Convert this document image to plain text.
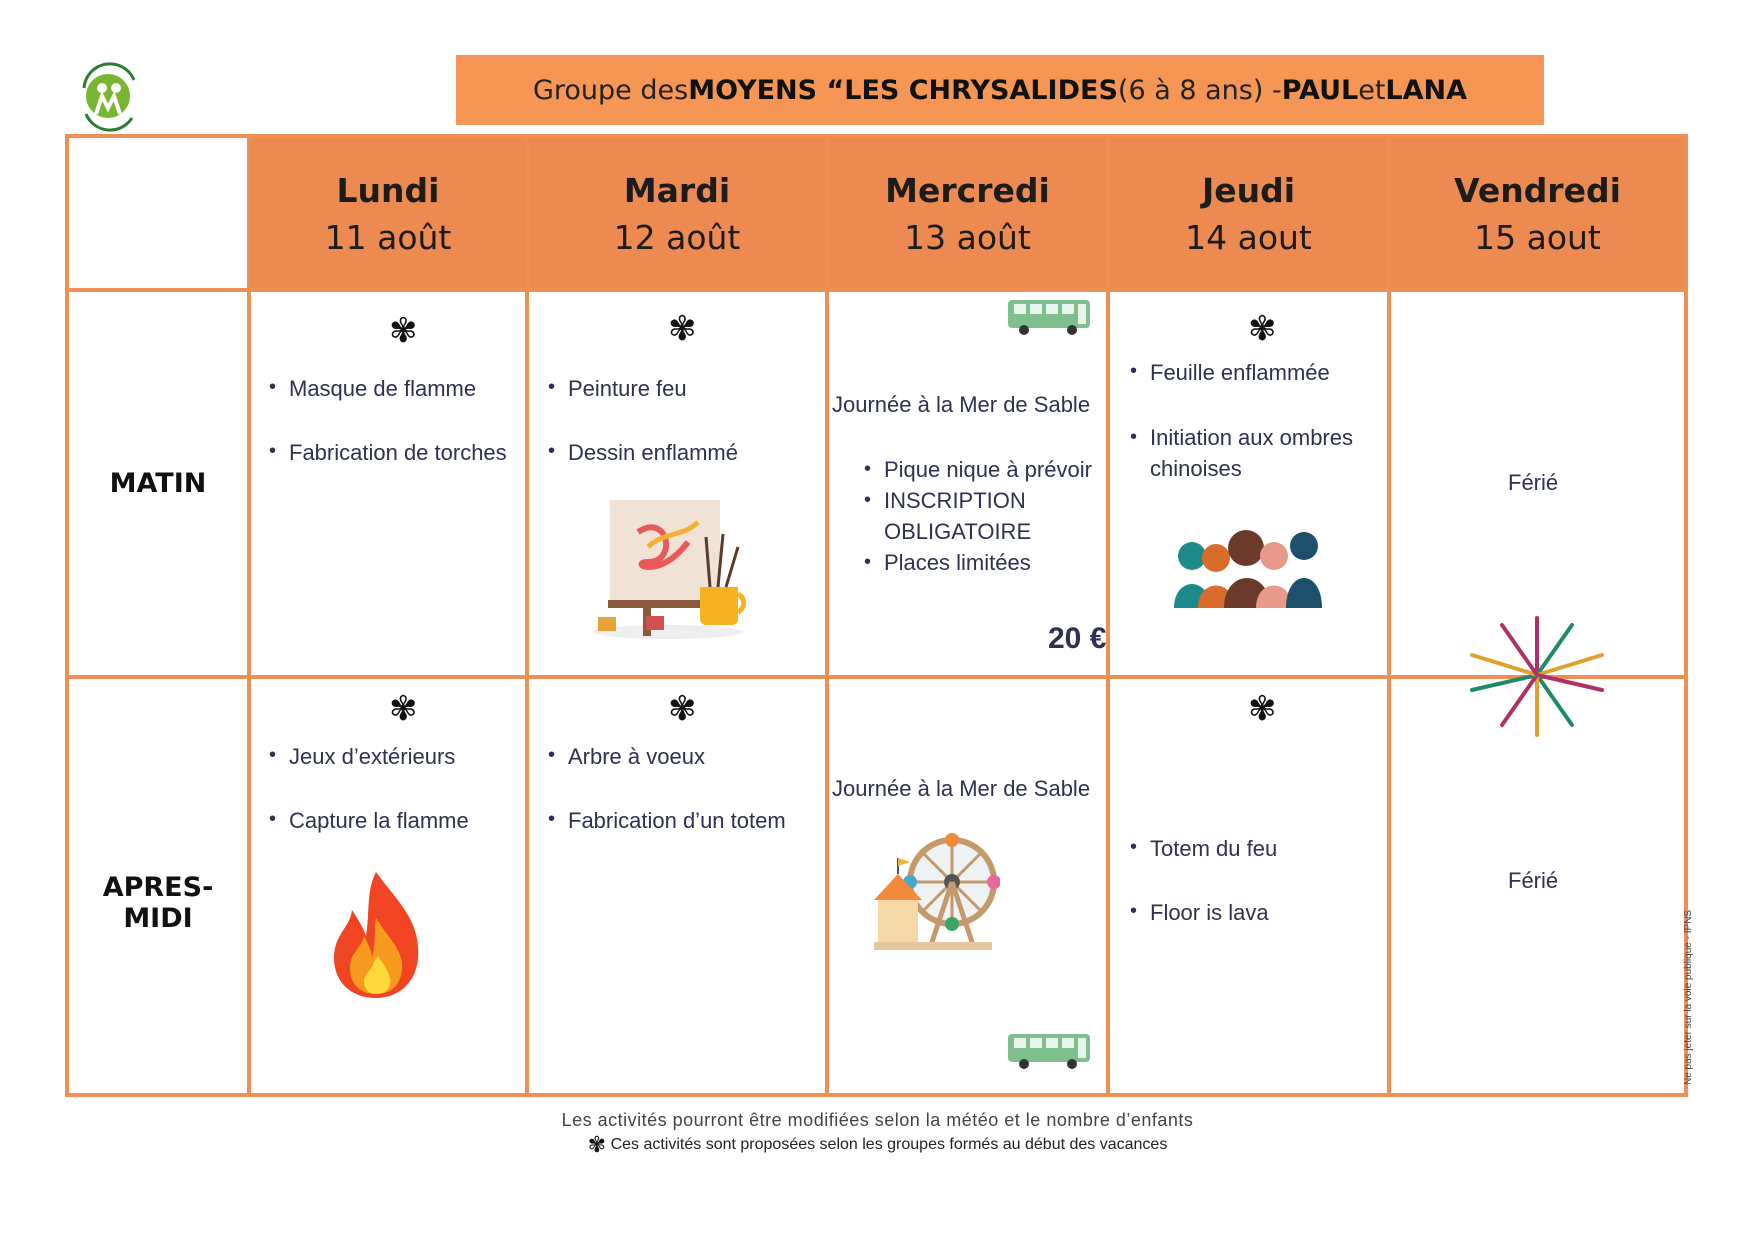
Groupe des MOYENS “LES CHRYSALIDES (6 à 8 ans) - PAUL et LANA
Lundi
11 août
Mardi
12 août
Mercredi
13 août
Jeudi
14 aout
Vendredi
15 aout
MATIN
APRES-MIDI
✾
• Masque de flamme
• Fabrication de torches
✾
• Peinture feu
• Dessin enflammé
Journée à la Mer de Sable
• Pique nique à prévoir
• INSCRIPTION OBLIGATOIRE
• Places limitées
20 €
✾
• Feuille enflammée
• Initiation aux ombres chinoises
Férié
✾
• Jeux d’extérieurs
• Capture la flamme
✾
• Arbre à voeux
• Fabrication d’un totem
Journée à la Mer de Sable
✾
• Totem du feu
• Floor is lava
Férié
Ne pas jeter sur la voie publique - IPNS
Les activités pourront être modifiées selon la météo et le nombre d’enfants
✾ Ces activités sont proposées selon les groupes formés au début des vacances
